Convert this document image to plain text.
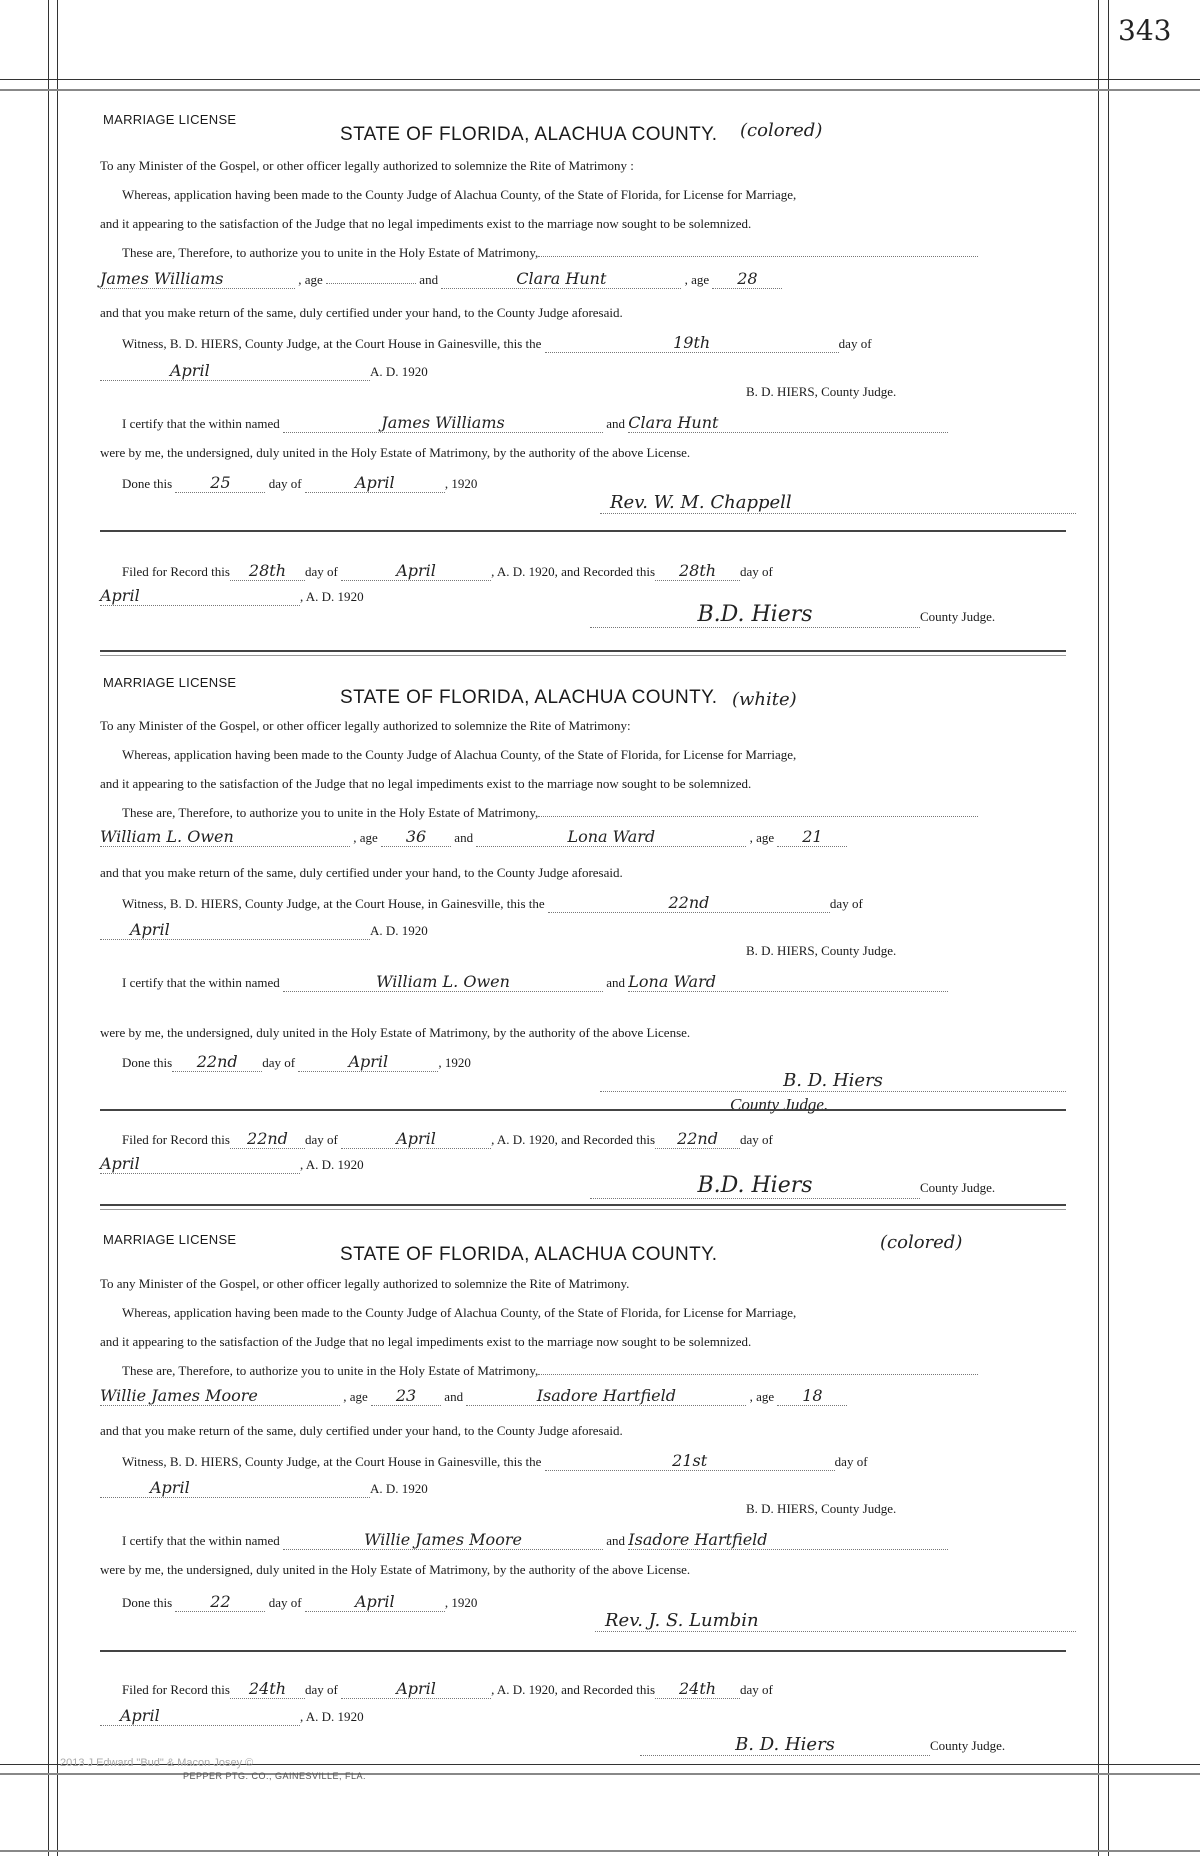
343
MARRIAGE LICENSE
STATE OF FLORIDA, ALACHUA COUNTY. (colored)
To any Minister of the Gospel, or other officer legally authorized to solemnize the Rite of Matrimony :
Whereas, application having been made to the County Judge of Alachua County, of the State of Florida, for License for Marriage,
and it appearing to the satisfaction of the Judge that no legal impediments exist to the marriage now sought to be solemnized.
These are, Therefore, to authorize you to unite in the Holy Estate of Matrimony,
James Williams	, age	and	Clara Hunt	, age 28
and that you make return of the same, duly certified under your hand, to the County Judge aforesaid.
Witness, B. D. HIERS, County Judge, at the Court House in Gainesville, this the	19th	day of
April	A. D. 1920
B. D. HIERS, County Judge.
I certify that the within named	James Williams	and Clara Hunt
were by me, the undersigned, duly united in the Holy Estate of Matrimony, by the authority of the above License.
Done this 25	day of	April	, 1920
Rev. W. M. Chappell
Filed for Record this 28th day of	April	, A. D. 1920, and Recorded this 28th day of
April	, A. D. 1920
B.D. Hiers	County Judge.
MARRIAGE LICENSE
STATE OF FLORIDA, ALACHUA COUNTY. (white)
To any Minister of the Gospel, or other officer legally authorized to solemnize the Rite of Matrimony:
Whereas, application having been made to the County Judge of Alachua County, of the State of Florida, for License for Marriage,
and it appearing to the satisfaction of the Judge that no legal impediments exist to the marriage now sought to be solemnized.
These are, Therefore, to authorize you to unite in the Holy Estate of Matrimony,
William L. Owen	, age 36 and	Lona Ward	, age 21
and that you make return of the same, duly certified under your hand, to the County Judge aforesaid.
Witness, B. D. HIERS, County Judge, at the Court House, in Gainesville, this the	22nd	day of
April	A. D. 1920
B. D. HIERS, County Judge.
I certify that the within named	William L. Owen	and Lona Ward
were by me, the undersigned, duly united in the Holy Estate of Matrimony, by the authority of the above License.
Done this 22nd day of	April	, 1920
B. D. Hiers
County Judge.
Filed for Record this 22nd day of	April	, A. D. 1920, and Recorded this 22nd day of
April	, A. D. 1920
B.D. Hiers	County Judge.
MARRIAGE LICENSE
STATE OF FLORIDA, ALACHUA COUNTY.
(colored)
To any Minister of the Gospel, or other officer legally authorized to solemnize the Rite of Matrimony.
Whereas, application having been made to the County Judge of Alachua County, of the State of Florida, for License for Marriage,
and it appearing to the satisfaction of the Judge that no legal impediments exist to the marriage now sought to be solemnized.
These are, Therefore, to authorize you to unite in the Holy Estate of Matrimony,
Willie James Moore	, age 23 and	Isadore Hartfield	, age 18
and that you make return of the same, duly certified under your hand, to the County Judge aforesaid.
Witness, B. D. HIERS, County Judge, at the Court House in Gainesville, this the	21st	day of
April	A. D. 1920
B. D. HIERS, County Judge.
I certify that the within named	Willie James Moore	and Isadore Hartfield
were by me, the undersigned, duly united in the Holy Estate of Matrimony, by the authority of the above License.
Done this 22	day of	April	, 1920
Rev. J. S. Lumbin
Filed for Record this 24th day of	April	, A. D. 1920, and Recorded this 24th day of
April	, A. D. 1920
B. D. Hiers	County Judge.
2013 J Edward "Bud" & Macon Josey ©
PEPPER PTG. CO., GAINESVILLE, FLA.
